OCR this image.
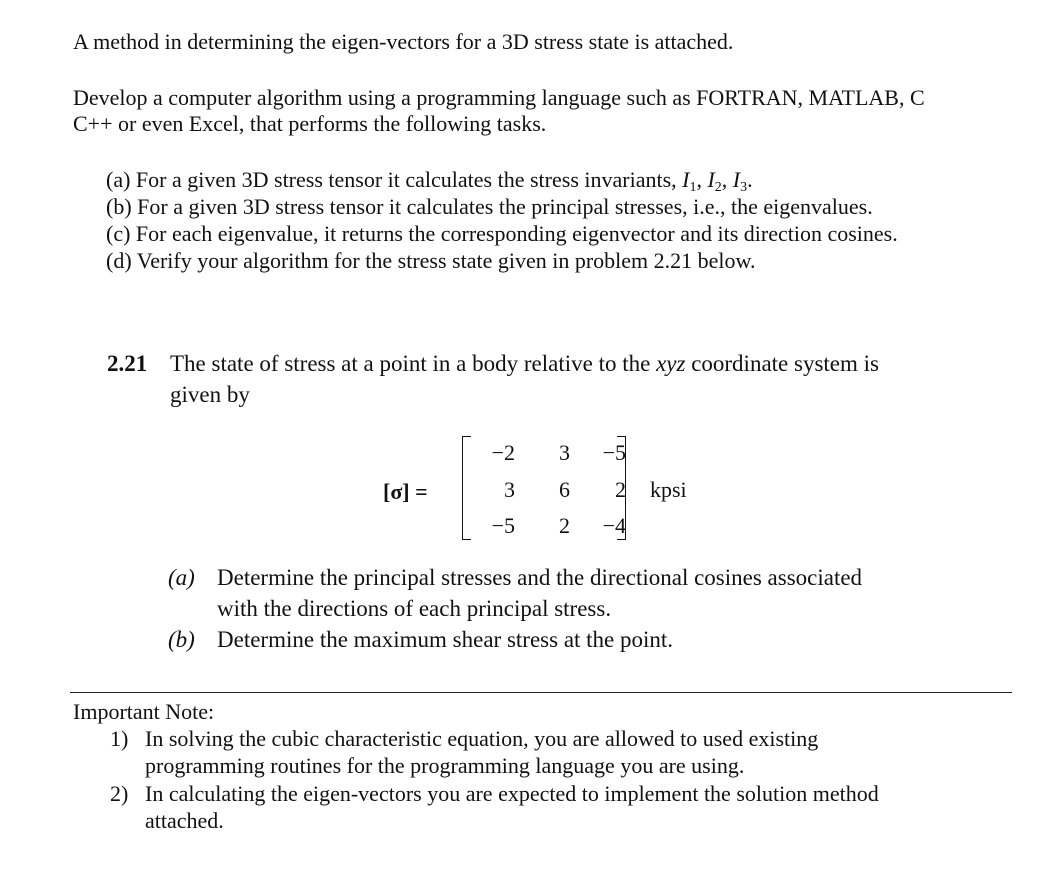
A method in determining the eigen-vectors for a 3D stress state is attached.
Develop a computer algorithm using a programming language such as FORTRAN, MATLAB, C
C++ or even Excel, that performs the following tasks.
(a) For a given 3D stress tensor it calculates the stress invariants, $I_1$, $I_2$, $I_3$.
(b) For a given 3D stress tensor it calculates the principal stresses, i.e., the eigenvalues.
(c) For each eigenvalue, it returns the corresponding eigenvector and its direction cosines.
(d) Verify your algorithm for the stress state given in problem 2.21 below.
2.21 The state of stress at a point in a body relative to the xyz coordinate system is
given by
[σ] =
−2	3 −5
3	6	2
−5	2 −4
kpsi
(a) Determine the principal stresses and the directional cosines associated
with the directions of each principal stress.
(b) Determine the maximum shear stress at the point.
Important Note:
1) In solving the cubic characteristic equation, you are allowed to used existing
programming routines for the programming language you are using.
2) In calculating the eigen-vectors you are expected to implement the solution method
attached.
